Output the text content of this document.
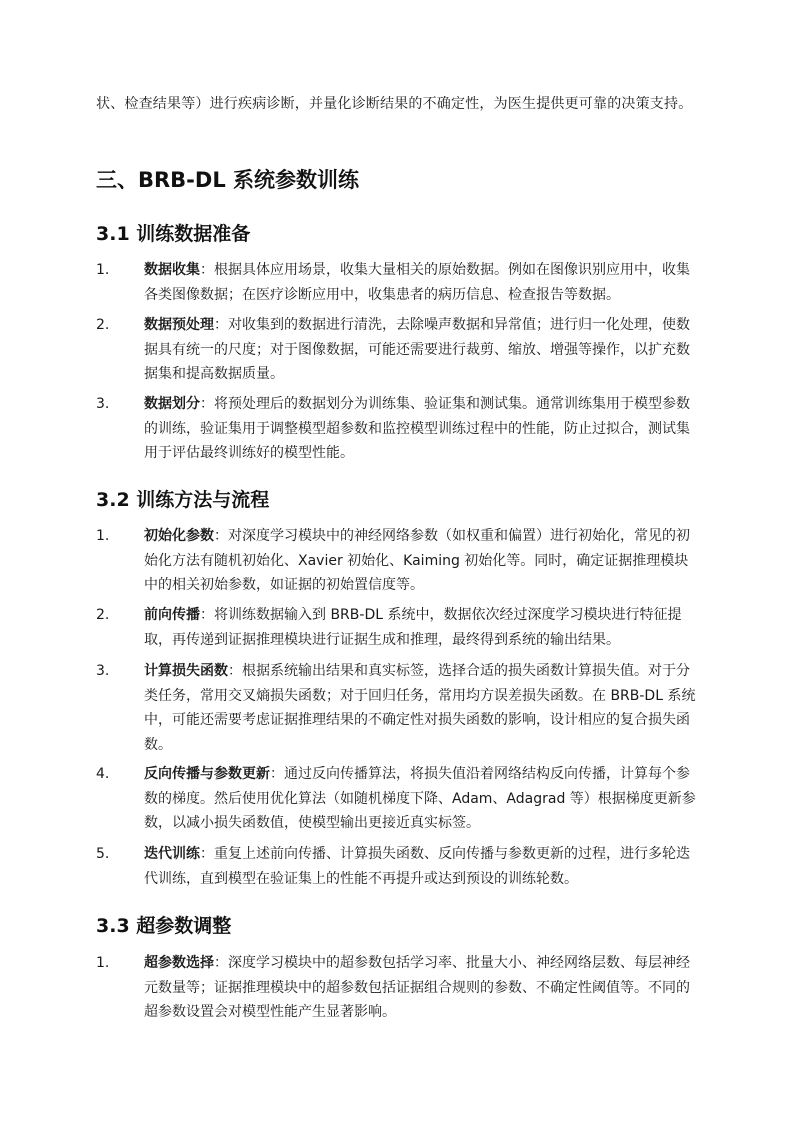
状、检查结果等）进行疾病诊断，并量化诊断结果的不确定性，为医生提供更可靠的决策支持。
三、BRB-DL 系统参数训练
3.1 训练数据准备
1.	数据收集：根据具体应用场景，收集大量相关的原始数据。例如在图像识别应用中，收集各类图像数据；在医疗诊断应用中，收集患者的病历信息、检查报告等数据。
2.	数据预处理：对收集到的数据进行清洗，去除噪声数据和异常值；进行归一化处理，使数据具有统一的尺度；对于图像数据，可能还需要进行裁剪、缩放、增强等操作，以扩充数据集和提高数据质量。
3.	数据划分：将预处理后的数据划分为训练集、验证集和测试集。通常训练集用于模型参数的训练，验证集用于调整模型超参数和监控模型训练过程中的性能，防止过拟合，测试集用于评估最终训练好的模型性能。
3.2 训练方法与流程
1.	初始化参数：对深度学习模块中的神经网络参数（如权重和偏置）进行初始化，常见的初始化方法有随机初始化、Xavier 初始化、Kaiming 初始化等。同时，确定证据推理模块中的相关初始参数，如证据的初始置信度等。
2.	前向传播：将训练数据输入到 BRB-DL 系统中，数据依次经过深度学习模块进行特征提取，再传递到证据推理模块进行证据生成和推理，最终得到系统的输出结果。
3.	计算损失函数：根据系统输出结果和真实标签，选择合适的损失函数计算损失值。对于分类任务，常用交叉熵损失函数；对于回归任务，常用均方误差损失函数。在 BRB-DL 系统中，可能还需要考虑证据推理结果的不确定性对损失函数的影响，设计相应的复合损失函数。
4.	反向传播与参数更新：通过反向传播算法，将损失值沿着网络结构反向传播，计算每个参数的梯度。然后使用优化算法（如随机梯度下降、Adam、Adagrad 等）根据梯度更新参数，以减小损失函数值，使模型输出更接近真实标签。
5.	迭代训练：重复上述前向传播、计算损失函数、反向传播与参数更新的过程，进行多轮迭代训练，直到模型在验证集上的性能不再提升或达到预设的训练轮数。
3.3 超参数调整
1.	超参数选择：深度学习模块中的超参数包括学习率、批量大小、神经网络层数、每层神经元数量等；证据推理模块中的超参数包括证据组合规则的参数、不确定性阈值等。不同的超参数设置会对模型性能产生显著影响。
